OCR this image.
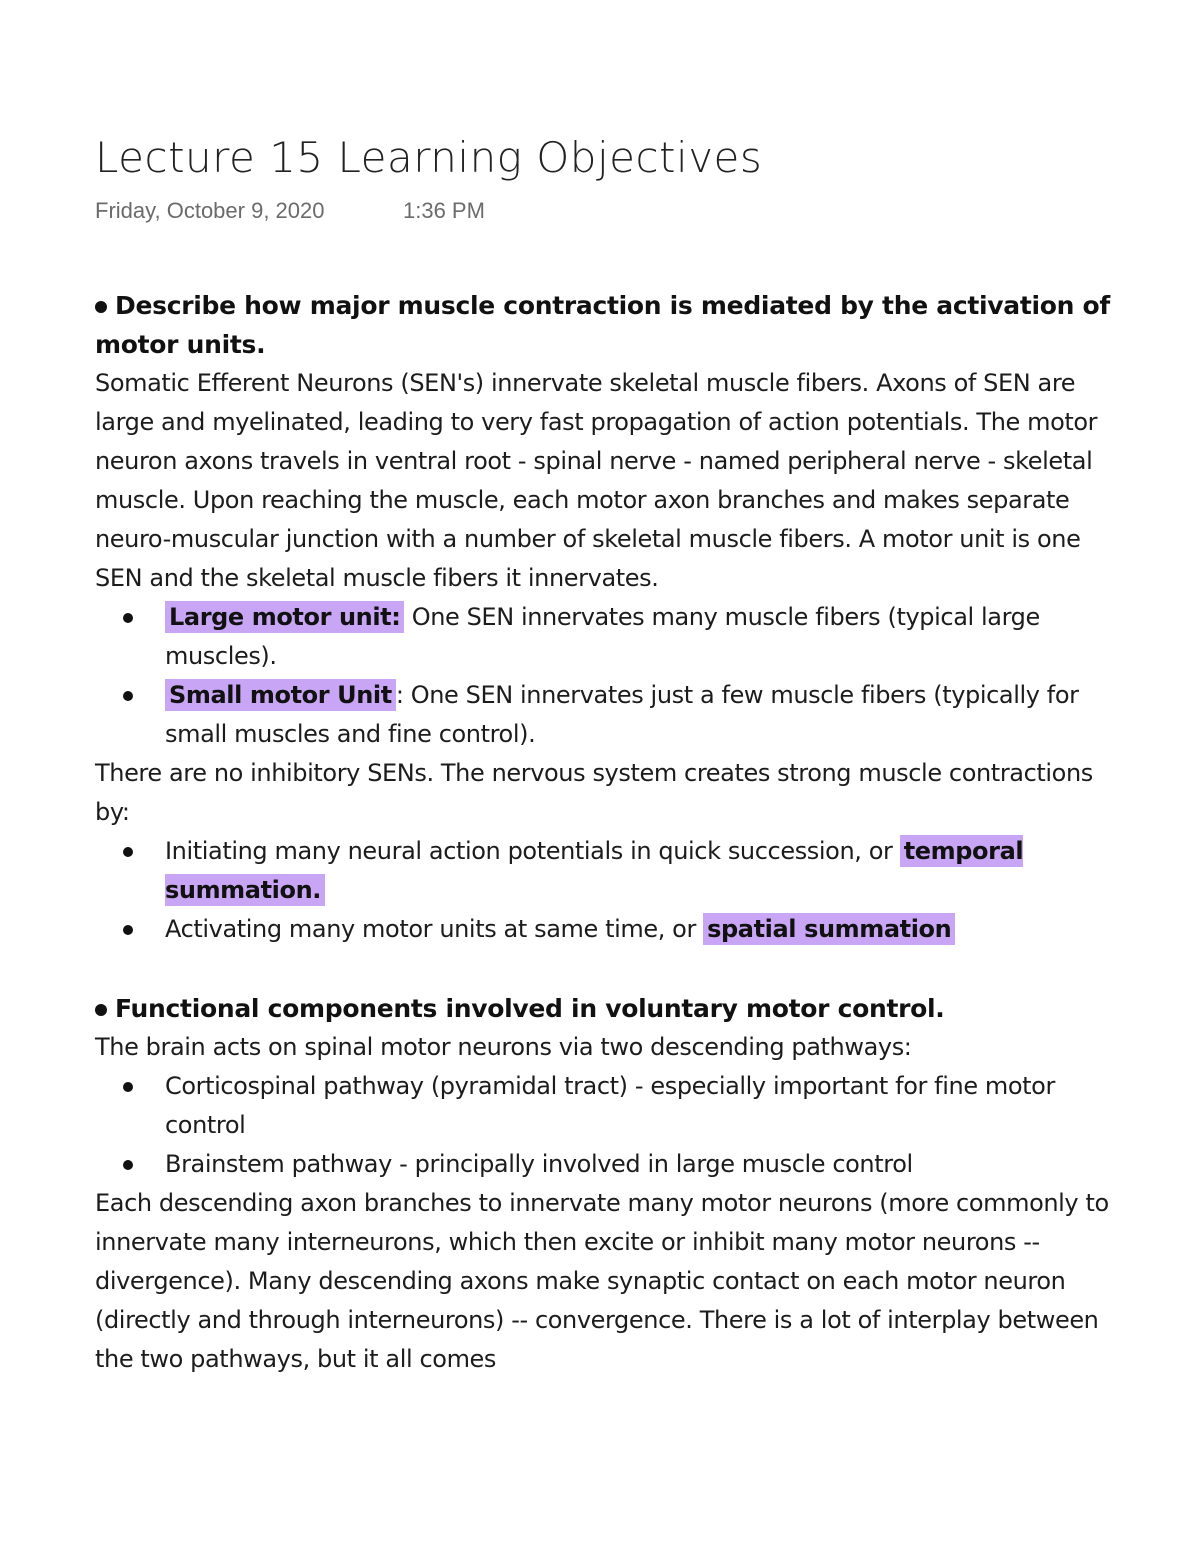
Lecture 15 Learning Objectives
Friday, October 9, 2020	1:36 PM

Describe how major muscle contraction is mediated by the activation of motor units.

Somatic Efferent Neurons (SEN's) innervate skeletal muscle fibers. Axons of SEN are large and myelinated, leading to very fast propagation of action potentials. The motor neuron axons travels in ventral root - spinal nerve - named peripheral nerve - skeletal muscle. Upon reaching the muscle, each motor axon branches and makes separate neuro-muscular junction with a number of skeletal muscle fibers. A motor unit is one SEN and the skeletal muscle fibers it innervates.

Large motor unit: One SEN innervates many muscle fibers (typical large muscles).
Small motor Unit : One SEN innervates just a few muscle fibers (typically for small muscles and fine control).

There are no inhibitory SENs. The nervous system creates strong muscle contractions by:

Initiating many neural action potentials in quick succession, or temporal summation.
Activating many motor units at same time, or spatial summation

Functional components involved in voluntary motor control.

The brain acts on spinal motor neurons via two descending pathways:

Corticospinal pathway (pyramidal tract) - especially important for fine motor control
Brainstem pathway - principally involved in large muscle control

Each descending axon branches to innervate many motor neurons (more commonly to innervate many interneurons, which then excite or inhibit many motor neurons -- divergence). Many descending axons make synaptic contact on each motor neuron (directly and through interneurons) -- convergence. There is a lot of interplay between the two pathways, but it all comes
